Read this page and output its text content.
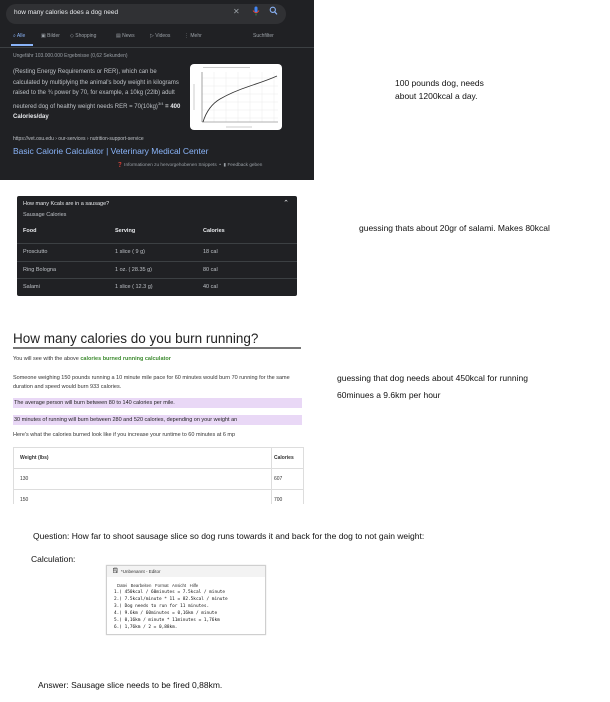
how many calories does a dog need	✕
⌕ Alle	▣ Bilder ◇ Shopping	▤ News	▷ Videos	⋮ Mehr	Suchfilter
Ungefähr 103.000.000 Ergebnisse (0,62 Sekunden)
(Resting Energy Requirements or RER), which can be calculated by multiplying the animal's body weight in kilograms raised to the ¾ power by 70, for example, a 10kg (22lb) adult neutered dog of healthy weight needs RER = $70(10kg)^{3/4} = 400$ Calories/day
https://vet.osu.edu › our-services › nutrition-support-service
Basic Calorie Calculator | Veterinary Medical Center
❓ Informationen zu hervorgehobenen Snippets  •  ▮ Feedback geben
How many Kcals are in a sausage?	⌃
Sausage Calories
Food	Serving	Calories
Prosciutto	1 slice ( 9 g)	18 cal
Ring Bologna	1 oz. ( 28.35 g)	80 cal
Salami	1 slice ( 12.3 g)	40 cal
How many calories do you burn running?
You will see with the above calories burned running calculator
Someone weighing 150 pounds running a 10 minute mile pace for 60 minutes would burn 70 running for the same duration and speed would burn 933 calories.
The average person will burn between 80 to 140 calories per mile.
30 minutes of running will burn between 280 and 520 calories, depending on your weight an
Here's what the calories burned look like if you increase your runtime to 60 minutes at 6 mp
Weight (lbs)	Calories
130	607
150	700
100 pounds dog, needs
about 1200kcal a day.
guessing thats about 20gr of salami. Makes 80kcal
guessing that dog needs about 450kcal for running
60minues a 9.6km per hour
Question: How far to shoot sausage slice so dog runs towards it and back for the dog to not gain weight:
Calculation:
Answer: Sausage slice needs to be fired 0,88km.
🗒 *Unbenannt - Editor
Datei Bearbeiten Format Ansicht Hilfe
1.) 450kcal / 60minutes = 7.5kcal / minute
2.) 7.5kcal/minute * 11 = 82.5kcal / minute
3.) Dog needs to run for 11 minutes.
4.) 9.6km / 60minutes = 0,16km / minute
5.) 0,16km / minute * 11minutes = 1,76km
6.) 1,76km / 2 = 0,88km.
